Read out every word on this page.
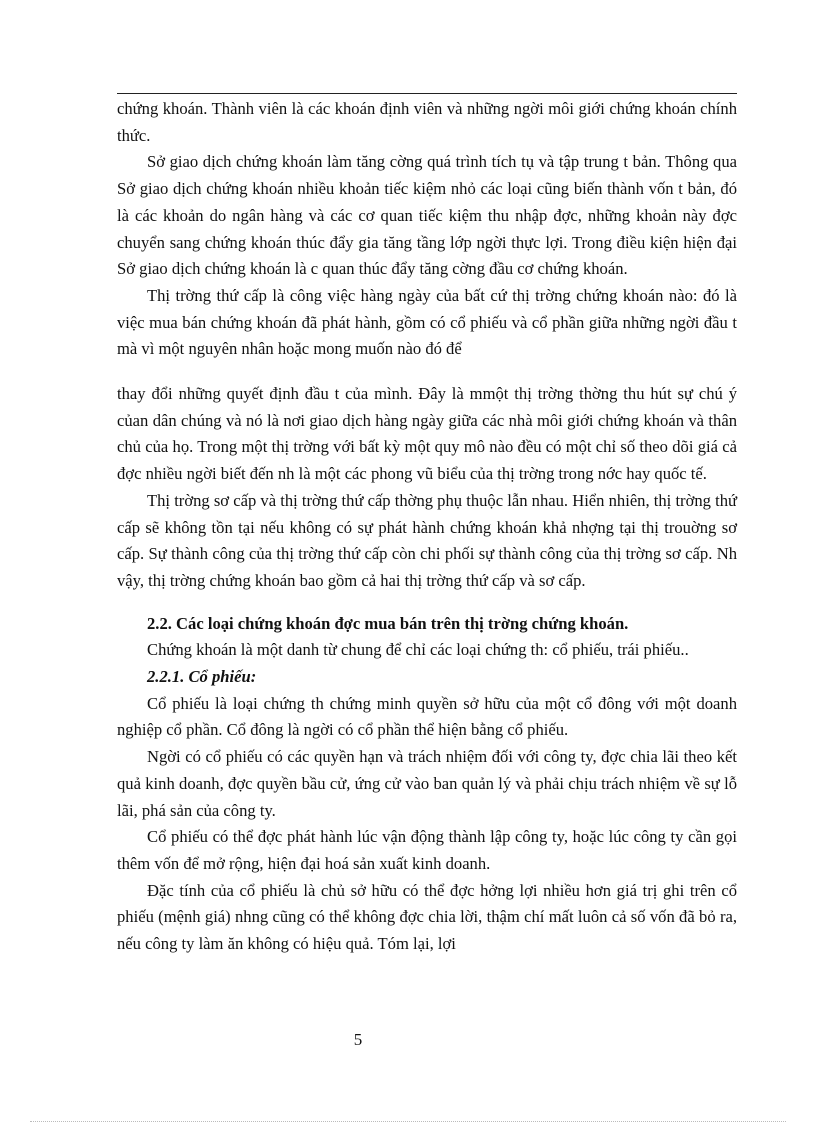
chứng khoán. Thành viên là các khoán định viên và những ngời môi giới chứng khoán chính thức.

Sở giao dịch chứng khoán làm tăng cờng quá trình tích tụ và tập trung t bản. Thông qua Sở giao dịch chứng khoán nhiều khoản tiếc kiệm nhỏ các loại cũng biến thành vốn t bản, đó là các khoản do ngân hàng và các cơ quan tiếc kiệm thu nhập đợc, những khoản này đợc chuyển sang chứng khoán thúc đẩy gia tăng tầng lớp ngời thực lợi. Trong điều kiện hiện đại Sở giao dịch chứng khoán là c quan thúc đẩy tăng cờng đầu cơ chứng khoán.

Thị trờng thứ cấp là công việc hàng ngày của bất cứ thị trờng chứng khoán nào: đó là việc mua bán chứng khoán đã phát hành, gồm có cổ phiếu và cổ phần giữa những ngời đầu t mà vì một nguyên nhân hoặc mong muốn nào đó để

thay đổi những quyết định đầu t của mình. Đây là mmột thị trờng thờng thu hút sự chú ý củan dân chúng và nó là nơi giao dịch hàng ngày giữa các nhà môi giới chứng khoán và thân chủ của họ. Trong một thị trờng với bất kỳ một quy mô nào đều có một chỉ số theo dõi giá cả đợc nhiều ngời biết đến nh là một các phong vũ biểu của thị trờng trong nớc hay quốc tế.

Thị trờng sơ cấp và thị trờng thứ cấp thờng phụ thuộc lẫn nhau. Hiển nhiên, thị trờng thứ cấp sẽ không tồn tại nếu không có sự phát hành chứng khoán khả nhợng tại thị trouờng sơ cấp. Sự thành công của thị trờng thứ cấp còn chi phối sự thành công của thị trờng sơ cấp. Nh vậy, thị trờng chứng khoán bao gồm cả hai thị trờng thứ cấp và sơ cấp.

2.2. Các loại chứng khoán đợc mua bán trên thị trờng chứng khoán.

Chứng khoán là một danh từ chung để chỉ các loại chứng th: cổ phiếu, trái phiếu..

2.2.1. Cổ phiếu:

Cổ phiếu là loại chứng th chứng minh quyền sở hữu của một cổ đông với một doanh nghiệp cổ phần. Cổ đông là ngời có cổ phần thể hiện bằng cổ phiếu.

Ngời có cổ phiếu có các quyền hạn và trách nhiệm đối với công ty, đợc chia lãi theo kết quả kinh doanh, đợc quyền bầu cử, ứng cử vào ban quản lý và phải chịu trách nhiệm về sự lỗ lãi, phá sản của công ty.

Cổ phiếu có thể đợc phát hành lúc vận động thành lập công ty, hoặc lúc công ty cần gọi thêm vốn để mở rộng, hiện đại hoá sản xuất kinh doanh.

Đặc tính của cổ phiếu là chủ sở hữu có thể đợc hởng lợi nhiều hơn giá trị ghi trên cổ phiếu (mệnh giá) nhng cũng có thể không đợc chia lời, thậm chí mất luôn cả số vốn đã bỏ ra, nếu công ty làm ăn không có hiệu quả. Tóm lại, lợi

5
